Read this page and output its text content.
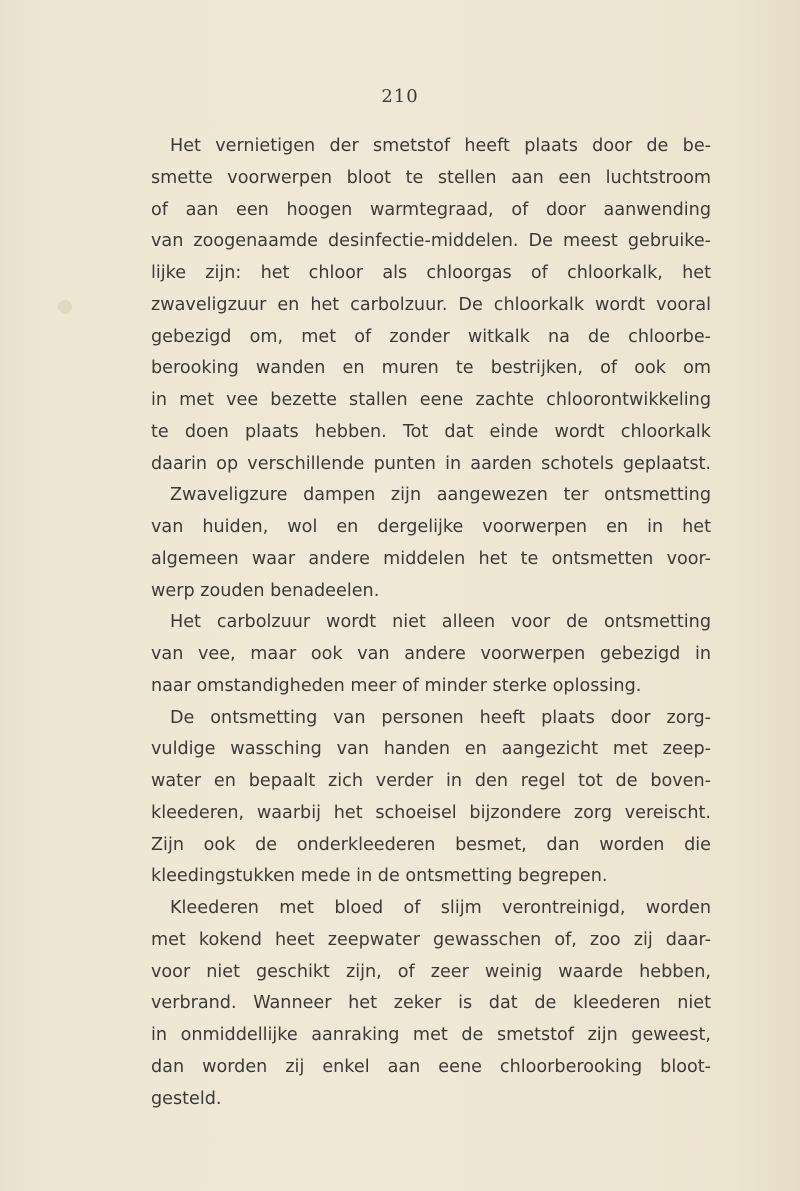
210
Het vernietigen der smetstof heeft plaats door de be-
smette voorwerpen bloot te stellen aan een luchtstroom
of aan een hoogen warmtegraad, of door aanwending
van zoogenaamde desinfectie-middelen. De meest gebruike-
lijke zijn: het chloor als chloorgas of chloorkalk, het
zwaveligzuur en het carbolzuur. De chloorkalk wordt vooral
gebezigd om, met of zonder witkalk na de chloorbe-
berooking wanden en muren te bestrijken, of ook om
in met vee bezette stallen eene zachte chloorontwikkeling
te doen plaats hebben. Tot dat einde wordt chloorkalk
daarin op verschillende punten in aarden schotels geplaatst.
Zwaveligzure dampen zijn aangewezen ter ontsmetting
van huiden, wol en dergelijke voorwerpen en in het
algemeen waar andere middelen het te ontsmetten voor-
werp zouden benadeelen.
Het carbolzuur wordt niet alleen voor de ontsmetting
van vee, maar ook van andere voorwerpen gebezigd in
naar omstandigheden meer of minder sterke oplossing.
De ontsmetting van personen heeft plaats door zorg-
vuldige wassching van handen en aangezicht met zeep-
water en bepaalt zich verder in den regel tot de boven-
kleederen, waarbij het schoeisel bijzondere zorg vereischt.
Zijn ook de onderkleederen besmet, dan worden die
kleedingstukken mede in de ontsmetting begrepen.
Kleederen met bloed of slijm verontreinigd, worden
met kokend heet zeepwater gewasschen of, zoo zij daar-
voor niet geschikt zijn, of zeer weinig waarde hebben,
verbrand. Wanneer het zeker is dat de kleederen niet
in onmiddellijke aanraking met de smetstof zijn geweest,
dan worden zij enkel aan eene chloorberooking bloot-
gesteld.
